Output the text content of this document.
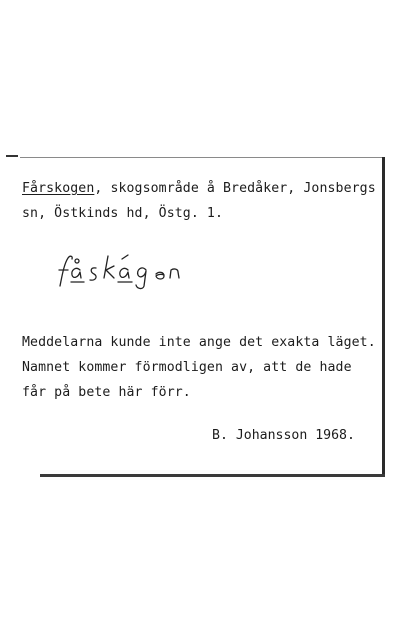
Fårskogen, skogsområde å Bredåker, Jonsbergs
sn, Östkinds hd, Östg. 1.
Meddelarna kunde inte ange det exakta läget.
Namnet kommer förmodligen av, att de hade
får på bete här förr.
B. Johansson 1968.
